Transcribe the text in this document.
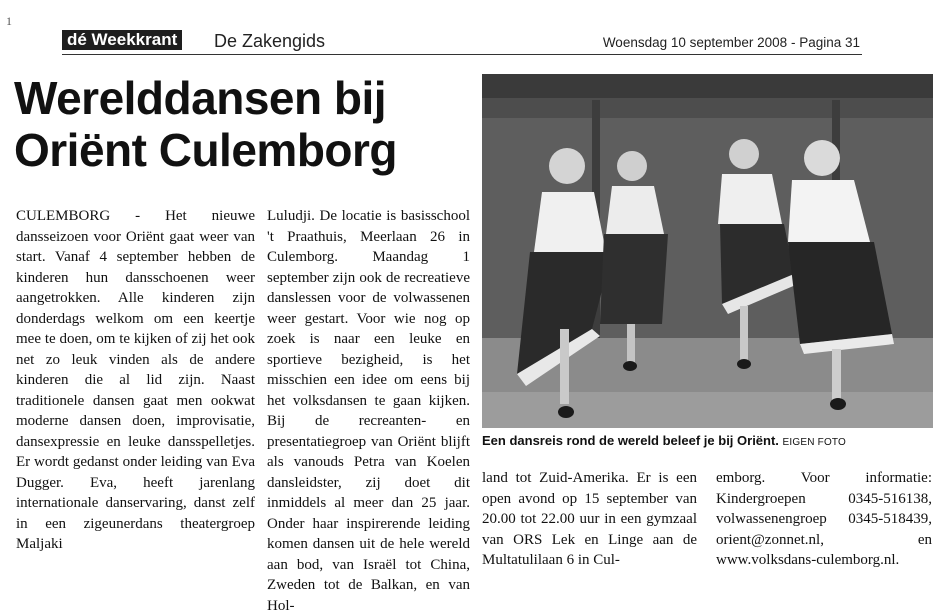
1
dé Weekkrant De Zakengids	Woensdag 10 september 2008 - Pagina 31
Werelddansen bij
Oriënt Culemborg

CULEMBORG - Het nieuwe dansseizoen voor Oriënt gaat weer van start. Vanaf 4 september hebben de kinderen hun dansschoenen weer aangetrokken. Alle kinderen zijn donderdags welkom om een keertje mee te doen, om te kijken of zij het ook net zo leuk vinden als de andere kinderen die al lid zijn. Naast traditionele dansen gaat men ookwat moderne dansen doen, improvisatie, dansexpressie en leuke dansspelletjes. Er wordt gedanst onder leiding van Eva Dugger. Eva, heeft jarenlang internationale danservaring, danst zelf in een zigeunerdans theatergroep Maljaki

Luludji. De locatie is basisschool 't Praathuis, Meerlaan 26 in Culemborg. Maandag 1 september zijn ook de recreatieve danslessen voor de volwassenen weer gestart. Voor wie nog op zoek is naar een leuke en sportieve bezigheid, is het misschien een idee om eens bij het volksdansen te gaan kijken. Bij de recreanten- en presentatiegroep van Oriënt blijft als vanouds Petra van Koelen dansleidster, zij doet dit inmiddels al meer dan 25 jaar. Onder haar inspirerende leiding komen dansen uit de hele wereld aan bod, van Israël tot China, Zweden tot de Balkan, en van Hol-

Een dansreis rond de wereld beleef je bij Oriënt. EIGEN FOTO

land tot Zuid-Amerika. Er is een open avond op 15 september van 20.00 tot 22.00 uur in een gymzaal van ORS Lek en Linge aan de Multatulilaan 6 in Cul-

emborg. Voor informatie: Kindergroepen 0345-516138, volwassenengroep 0345-518439, orient@zonnet.nl, en www.volksdans-culemborg.nl.
